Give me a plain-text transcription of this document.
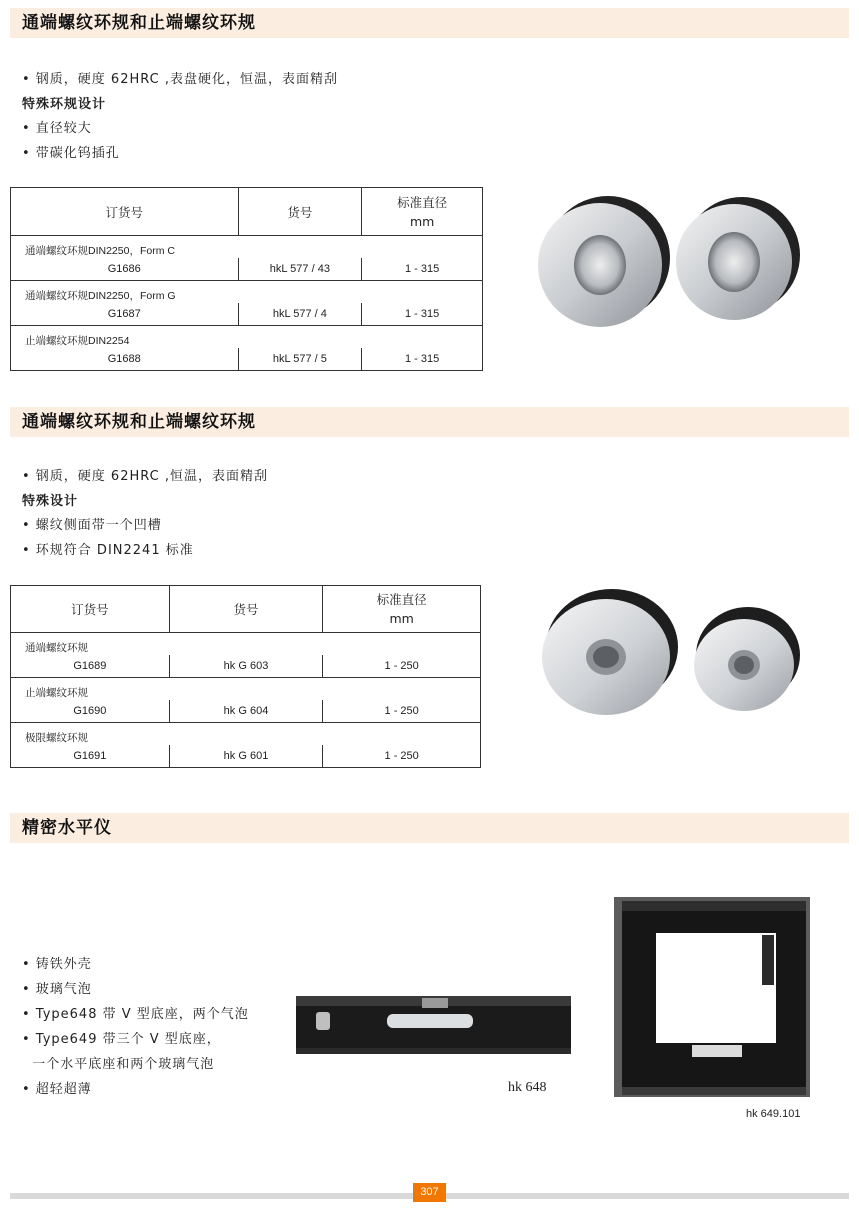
通端螺纹环规和止端螺纹环规
• 钢质，硬度 62HRC ,表盘硬化，恒温，表面精刮
特殊环规设计
• 直径较大
• 带碳化钨插孔
订货号	货号	标准直径
mm

通端螺纹环规DIN2250，Form C		
G1686	hkL 577 / 43	1 - 315
通端螺纹环规DIN2250，Form G		
G1687	hkL 577 / 4	1 - 315
止端螺纹环规DIN2254		
G1688	hkL 577 / 5	1 - 315
通端螺纹环规和止端螺纹环规
• 钢质，硬度 62HRC ,恒温，表面精刮
特殊设计
• 螺纹侧面带一个凹槽
• 环规符合 DIN2241 标准
订货号	货号	标准直径
mm

通端螺纹环规		
G1689	hk G 603	1 - 250
止端螺纹环规		
G1690	hk G 604	1 - 250
极限螺纹环规		
G1691	hk G 601	1 - 250
精密水平仪
• 铸铁外壳
• 玻璃气泡
• Type648 带 V 型底座，两个气泡
• Type649 带三个 V 型底座，
一个水平底座和两个玻璃气泡
• 超轻超薄	hk 648
hk 649.101
307
